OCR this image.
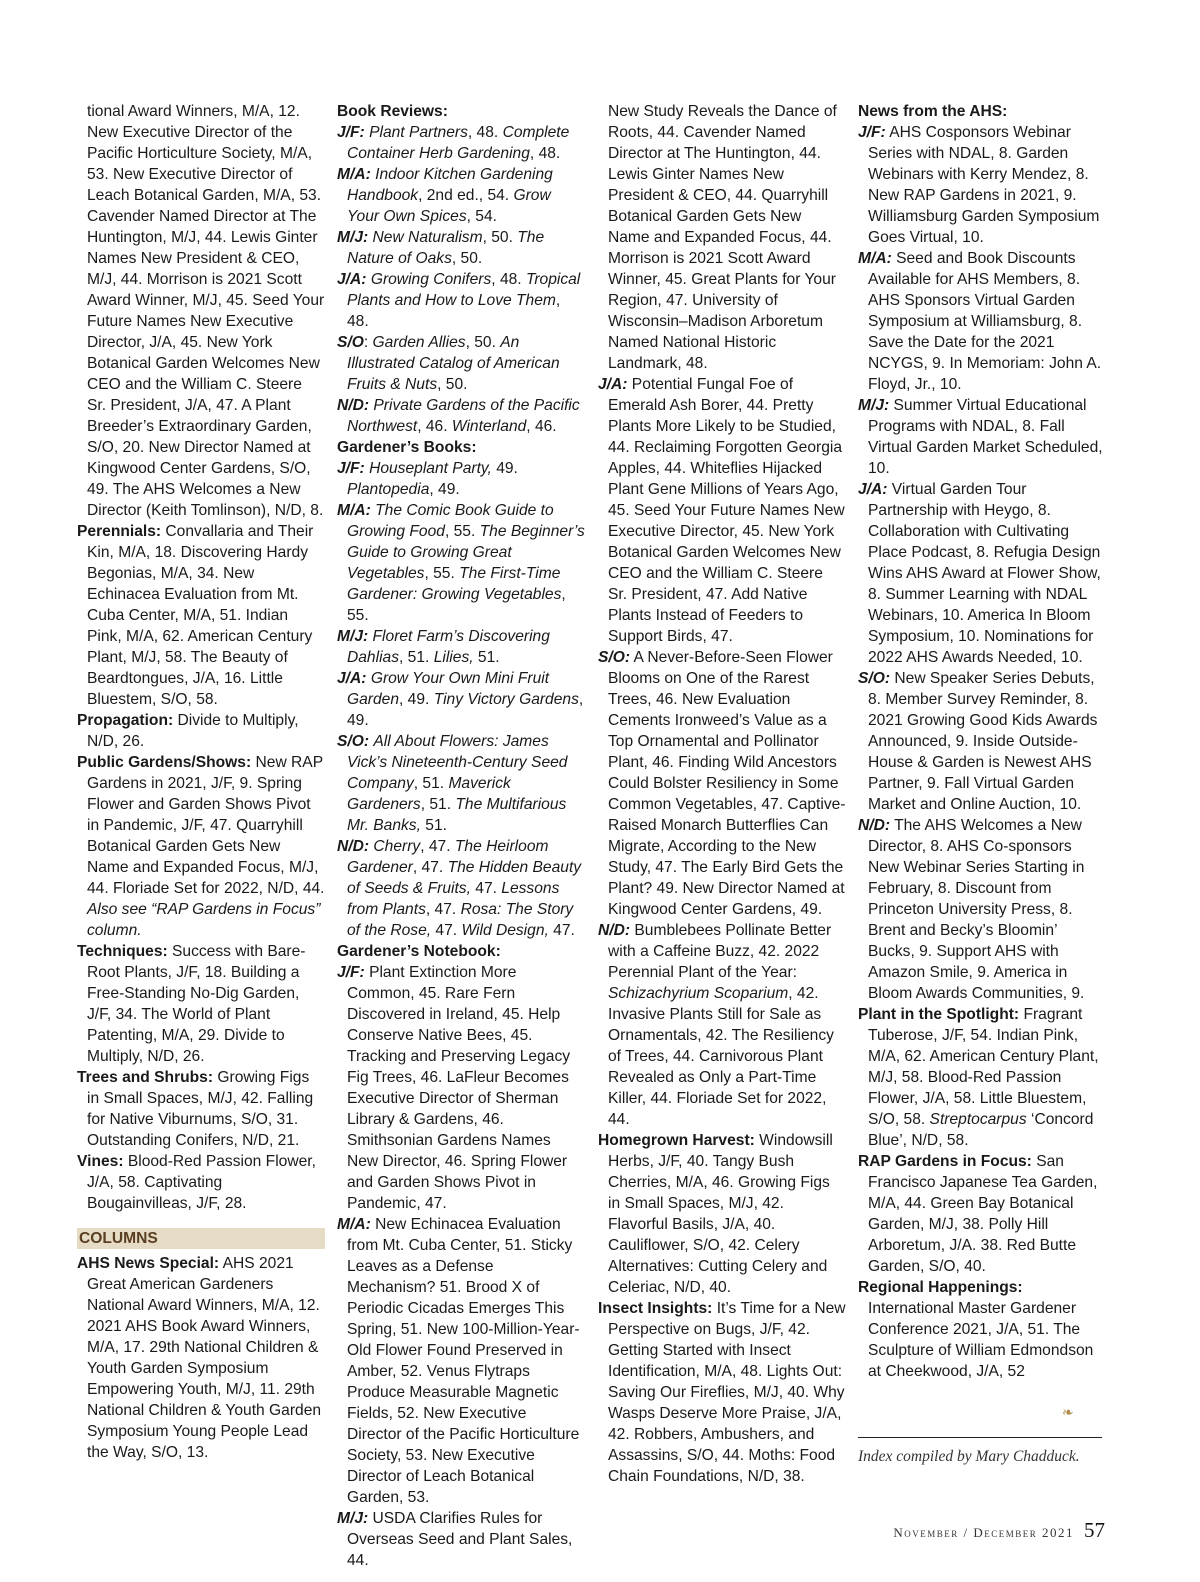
tional Award Winners, M/A, 12. New Executive Director of the Pacific Horticulture Society, M/A, 53. New Executive Director of Leach Botanical Garden, M/A, 53. Cavender Named Director at The Huntington, M/J, 44. Lewis Ginter Names New President & CEO, M/J, 44. Morrison is 2021 Scott Award Winner, M/J, 45. Seed Your Future Names New Executive Director, J/A, 45. New York Botanical Garden Welcomes New CEO and the William C. Steere Sr. President, J/A, 47. A Plant Breeder’s Extraordinary Garden, S/O, 20. New Director Named at Kingwood Center Gardens, S/O, 49. The AHS Welcomes a New Director (Keith Tomlinson), N/D, 8.

Perennials: Convallaria and Their Kin, M/A, 18. Discovering Hardy Begonias, M/A, 34. New Echinacea Evaluation from Mt. Cuba Center, M/A, 51. Indian Pink, M/A, 62. American Century Plant, M/J, 58. The Beauty of Beardtongues, J/A, 16. Little Bluestem, S/O, 58.

Propagation: Divide to Multiply, N/D, 26.

Public Gardens/Shows: New RAP Gardens in 2021, J/F, 9. Spring Flower and Garden Shows Pivot in Pandemic, J/F, 47. Quarryhill Botanical Garden Gets New Name and Expanded Focus, M/J, 44. Floriade Set for 2022, N/D, 44. Also see “RAP Gardens in Focus” column.

Techniques: Success with Bare-Root Plants, J/F, 18. Building a Free-Standing No-Dig Garden, J/F, 34. The World of Plant Patenting, M/A, 29. Divide to Multiply, N/D, 26.

Trees and Shrubs: Growing Figs in Small Spaces, M/J, 42. Falling for Native Viburnums, S/O, 31. Outstanding Conifers, N/D, 21.

Vines: Blood-Red Passion Flower, J/A, 58. Captivating Bougainvilleas, J/F, 28.

COLUMNS

AHS News Special: AHS 2021 Great American Gardeners National Award Winners, M/A, 12. 2021 AHS Book Award Winners, M/A, 17. 29th National Children & Youth Garden Symposium Empowering Youth, M/J, 11. 29th National Children & Youth Garden Symposium Young People Lead the Way, S/O, 13.

Book Reviews:

J/F: Plant Partners, 48. Complete Container Herb Gardening, 48.

M/A: Indoor Kitchen Gardening Handbook, 2nd ed., 54. Grow Your Own Spices, 54.

M/J: New Naturalism, 50. The Nature of Oaks, 50.

J/A: Growing Conifers, 48. Tropical Plants and How to Love Them, 48.

S/O: Garden Allies, 50. An Illustrated Catalog of American Fruits & Nuts, 50.

N/D: Private Gardens of the Pacific Northwest, 46. Winterland, 46.

Gardener’s Books:

J/F: Houseplant Party, 49. Plantopedia, 49.

M/A: The Comic Book Guide to Growing Food, 55. The Beginner’s Guide to Growing Great Vegetables, 55. The First-Time Gardener: Growing Vegetables, 55.

M/J: Floret Farm’s Discovering Dahlias, 51. Lilies, 51.

J/A: Grow Your Own Mini Fruit Garden, 49. Tiny Victory Gardens, 49.

S/O: All About Flowers: James Vick’s Nineteenth-Century Seed Company, 51. Maverick Gardeners, 51. The Multifarious Mr. Banks, 51.

N/D: Cherry, 47. The Heirloom Gardener, 47. The Hidden Beauty of Seeds & Fruits, 47. Lessons from Plants, 47. Rosa: The Story of the Rose, 47. Wild Design, 47.

Gardener’s Notebook:

J/F: Plant Extinction More Common, 45. Rare Fern Discovered in Ireland, 45. Help Conserve Native Bees, 45. Tracking and Preserving Legacy Fig Trees, 46. LaFleur Becomes Executive Director of Sherman Library & Gardens, 46. Smithsonian Gardens Names New Director, 46. Spring Flower and Garden Shows Pivot in Pandemic, 47.

M/A: New Echinacea Evaluation from Mt. Cuba Center, 51. Sticky Leaves as a Defense Mechanism? 51. Brood X of Periodic Cicadas Emerges This Spring, 51. New 100-Million-Year-Old Flower Found Preserved in Amber, 52. Venus Flytraps Produce Measurable Magnetic Fields, 52. New Executive Director of the Pacific Horticulture Society, 53. New Executive Director of Leach Botanical Garden, 53.

M/J: USDA Clarifies Rules for Overseas Seed and Plant Sales, 44.

New Study Reveals the Dance of Roots, 44. Cavender Named Director at The Huntington, 44. Lewis Ginter Names New President & CEO, 44. Quarryhill Botanical Garden Gets New Name and Expanded Focus, 44. Morrison is 2021 Scott Award Winner, 45. Great Plants for Your Region, 47. University of Wisconsin–Madison Arboretum Named National Historic Landmark, 48.

J/A: Potential Fungal Foe of Emerald Ash Borer, 44. Pretty Plants More Likely to be Studied, 44. Reclaiming Forgotten Georgia Apples, 44. Whiteflies Hijacked Plant Gene Millions of Years Ago, 45. Seed Your Future Names New Executive Director, 45. New York Botanical Garden Welcomes New CEO and the William C. Steere Sr. President, 47. Add Native Plants Instead of Feeders to Support Birds, 47.

S/O: A Never-Before-Seen Flower Blooms on One of the Rarest Trees, 46. New Evaluation Cements Ironweed’s Value as a Top Ornamental and Pollinator Plant, 46. Finding Wild Ancestors Could Bolster Resiliency in Some Common Vegetables, 47. Captive-Raised Monarch Butterflies Can Migrate, According to the New Study, 47. The Early Bird Gets the Plant? 49. New Director Named at Kingwood Center Gardens, 49.

N/D: Bumblebees Pollinate Better with a Caffeine Buzz, 42. 2022 Perennial Plant of the Year: Schizachyrium Scoparium, 42. Invasive Plants Still for Sale as Ornamentals, 42. The Resiliency of Trees, 44. Carnivorous Plant Revealed as Only a Part-Time Killer, 44. Floriade Set for 2022, 44.

Homegrown Harvest: Windowsill Herbs, J/F, 40. Tangy Bush Cherries, M/A, 46. Growing Figs in Small Spaces, M/J, 42. Flavorful Basils, J/A, 40. Cauliflower, S/O, 42. Celery Alternatives: Cutting Celery and Celeriac, N/D, 40.

Insect Insights: It’s Time for a New Perspective on Bugs, J/F, 42. Getting Started with Insect Identification, M/A, 48. Lights Out: Saving Our Fireflies, M/J, 40. Why Wasps Deserve More Praise, J/A, 42. Robbers, Ambushers, and Assassins, S/O, 44. Moths: Food Chain Foundations, N/D, 38.

News from the AHS:

J/F: AHS Cosponsors Webinar Series with NDAL, 8. Garden Webinars with Kerry Mendez, 8. New RAP Gardens in 2021, 9. Williamsburg Garden Symposium Goes Virtual, 10.

M/A: Seed and Book Discounts Available for AHS Members, 8. AHS Sponsors Virtual Garden Symposium at Williamsburg, 8. Save the Date for the 2021 NCYGS, 9. In Memoriam: John A. Floyd, Jr., 10.

M/J: Summer Virtual Educational Programs with NDAL, 8. Fall Virtual Garden Market Scheduled, 10.

J/A: Virtual Garden Tour Partnership with Heygo, 8. Collaboration with Cultivating Place Podcast, 8. Refugia Design Wins AHS Award at Flower Show, 8. Summer Learning with NDAL Webinars, 10. America In Bloom Symposium, 10. Nominations for 2022 AHS Awards Needed, 10.

S/O: New Speaker Series Debuts, 8. Member Survey Reminder, 8. 2021 Growing Good Kids Awards Announced, 9. Inside Outside-House & Garden is Newest AHS Partner, 9. Fall Virtual Garden Market and Online Auction, 10.

N/D: The AHS Welcomes a New Director, 8. AHS Co-sponsors New Webinar Series Starting in February, 8. Discount from Princeton University Press, 8. Brent and Becky’s Bloomin’ Bucks, 9. Support AHS with Amazon Smile, 9. America in Bloom Awards Communities, 9.

Plant in the Spotlight: Fragrant Tuberose, J/F, 54. Indian Pink, M/A, 62. American Century Plant, M/J, 58. Blood-Red Passion Flower, J/A, 58. Little Bluestem, S/O, 58. Streptocarpus ‘Concord Blue’, N/D, 58.

RAP Gardens in Focus: San Francisco Japanese Tea Garden, M/A, 44. Green Bay Botanical Garden, M/J, 38. Polly Hill Arboretum, J/A. 38. Red Butte Garden, S/O, 40.

Regional Happenings: International Master Gardener Conference 2021, J/A, 51. The Sculpture of William Edmondson at Cheekwood, J/A, 52

❧
Index compiled by Mary Chadduck.
November / December 2021 57
